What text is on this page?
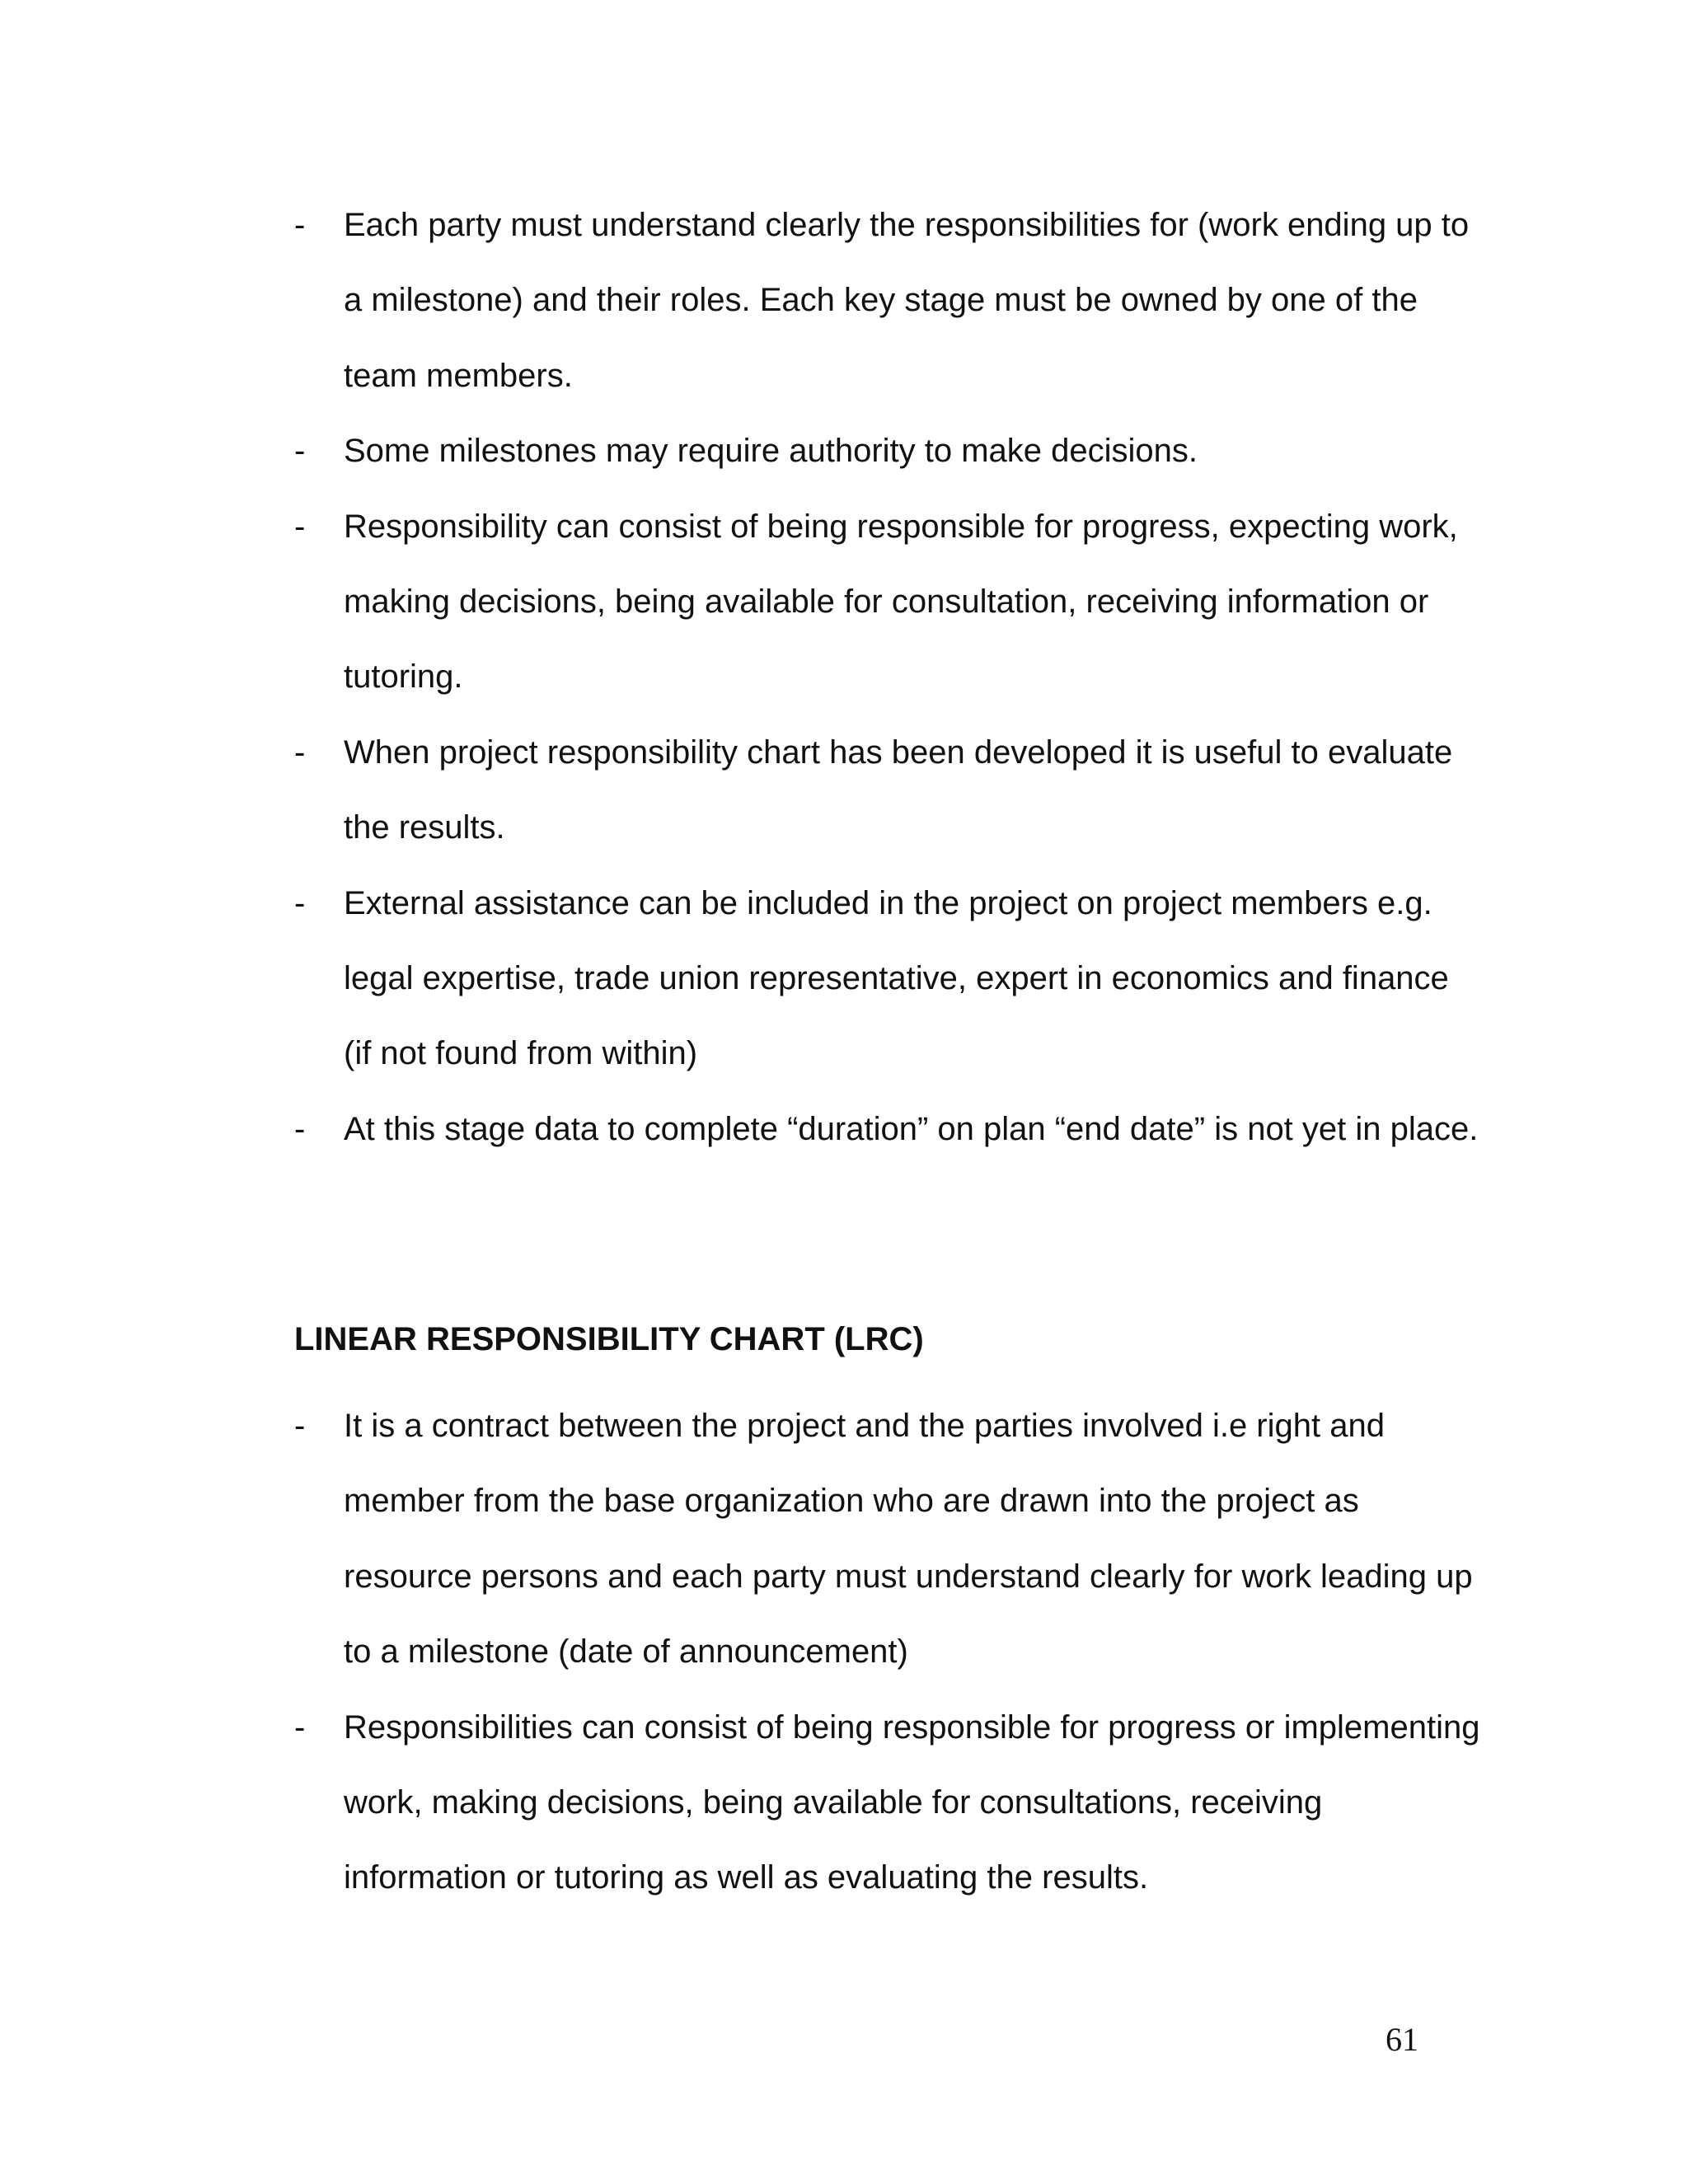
- Each party must understand clearly the responsibilities for (work ending up to a milestone) and their roles. Each key stage must be owned by one of the team members.
- Some milestones may require authority to make decisions.
- Responsibility can consist of being responsible for progress, expecting work, making decisions, being available for consultation, receiving information or tutoring.
- When project responsibility chart has been developed it is useful to evaluate the results.
- External assistance can be included in the project on project members e.g. legal expertise, trade union representative, expert in economics and finance (if not found from within)
- At this stage data to complete “duration” on plan “end date” is not yet in place.
LINEAR RESPONSIBILITY CHART (LRC)
- It is a contract between the project and the parties involved i.e right and member from the base organization who are drawn into the project as resource persons and each party must understand clearly for work leading up to a milestone (date of announcement)
- Responsibilities can consist of being responsible for progress or implementing work, making decisions, being available for consultations, receiving information or tutoring as well as evaluating the results.
61
